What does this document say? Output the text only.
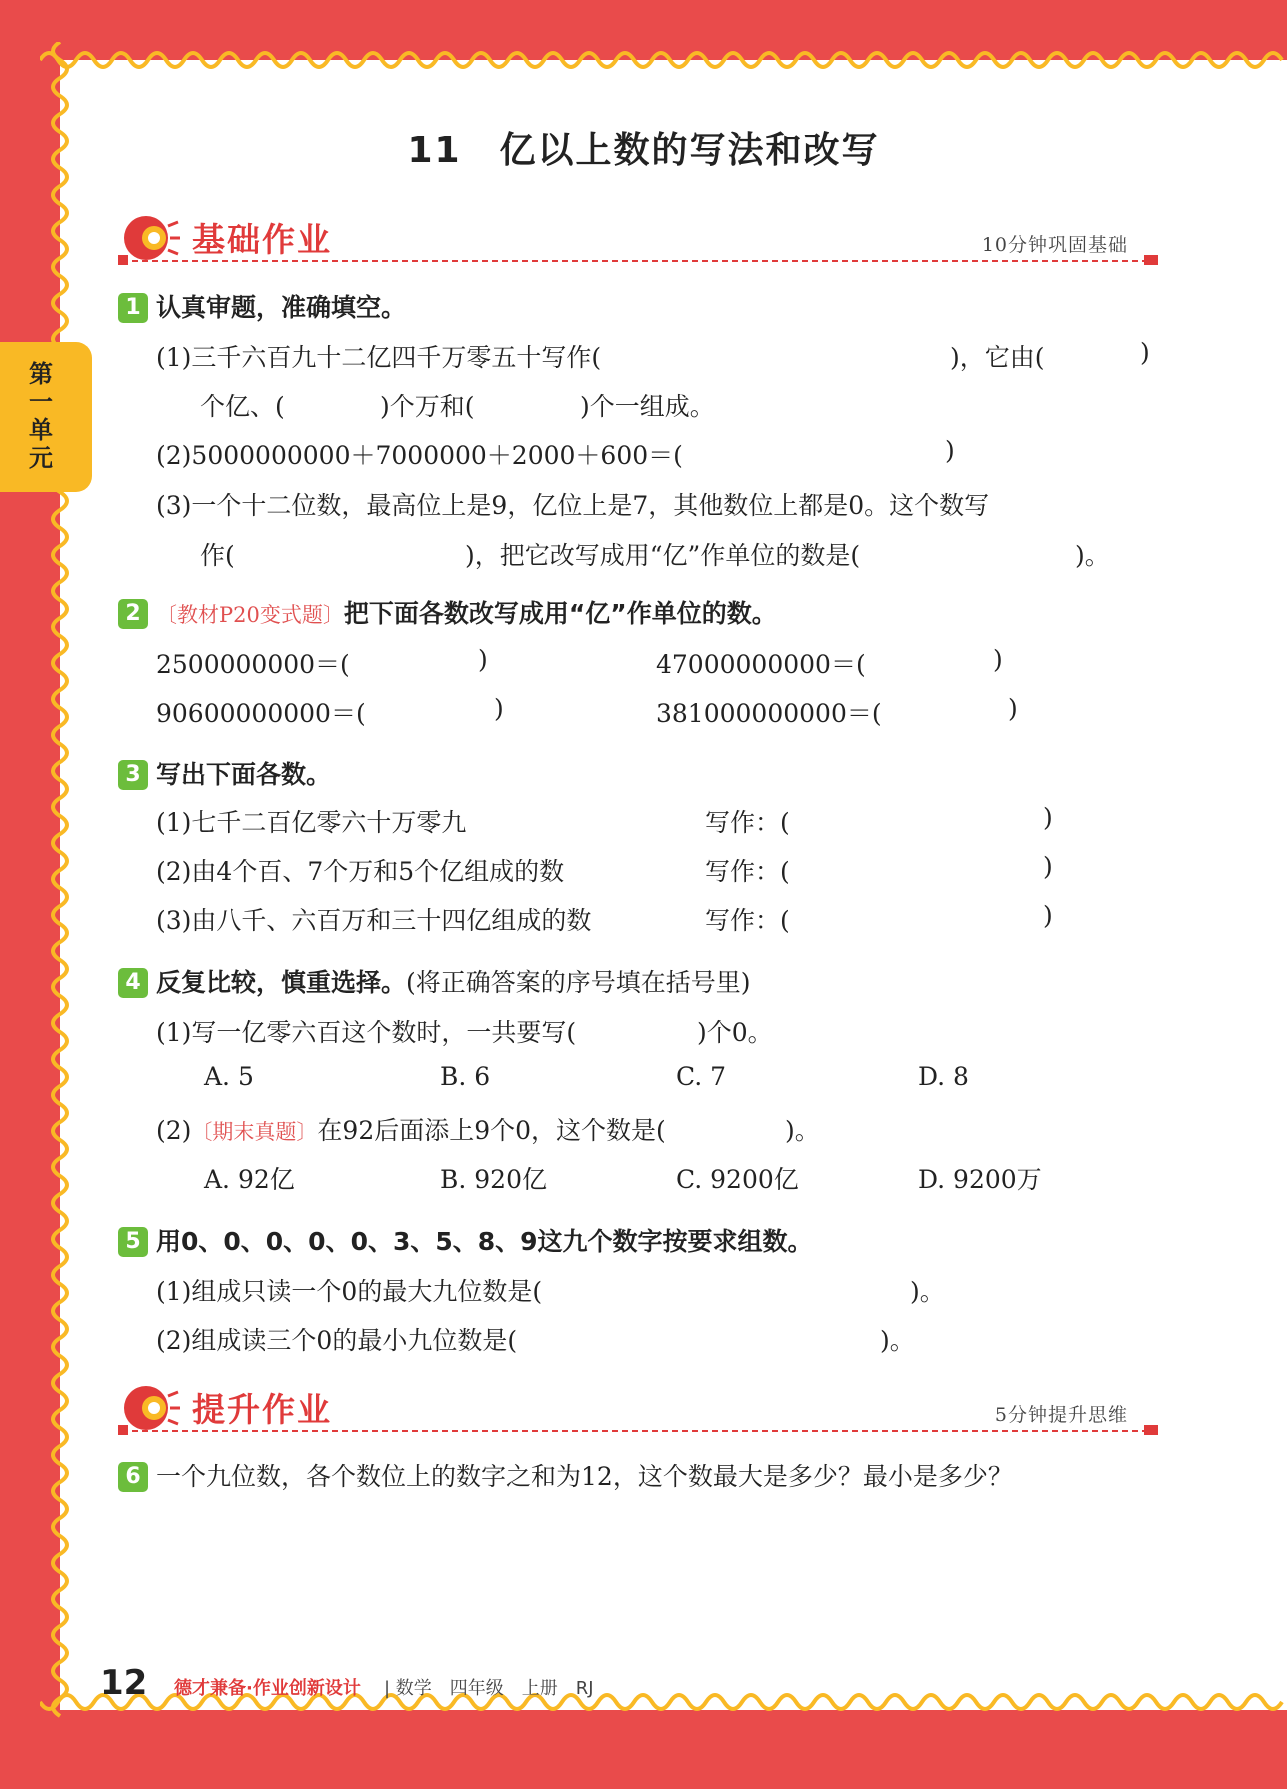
第一单元
11　亿以上数的写法和改写
基础作业	10分钟巩固基础
1 认真审题，准确填空。
(1)三千六百九十二亿四千万零五十写作(	)，它由(	)
个亿、(	)个万和(	)个一组成。
(2)5000000000＋7000000＋2000＋600＝(	)
(3)一个十二位数，最高位上是9，亿位上是7，其他数位上都是0。这个数写
作(	)，把它改写成用“亿”作单位的数是(	)。
2 〔教材P20变式题〕把下面各数改写成用“亿”作单位的数。
2500000000＝(	)	47000000000＝(	)
90600000000＝(	)	381000000000＝(	)
3 写出下面各数。
(1)七千二百亿零六十万零九	写作：(	)
(2)由4个百、7个万和5个亿组成的数	写作：(	)
(3)由八千、六百万和三十四亿组成的数	写作：(	)
4 反复比较，慎重选择。(将正确答案的序号填在括号里)
(1)写一亿零六百这个数时，一共要写(	)个0。
A. 5	B. 6	C. 7	D. 8
(2)〔期末真题〕在92后面添上9个0，这个数是(	)。
A. 92亿	B. 920亿	C. 9200亿	D. 9200万
5 用0、0、0、0、0、3、5、8、9这九个数字按要求组数。
(1)组成只读一个0的最大九位数是(	)。
(2)组成读三个0的最小九位数是(	)。
提升作业	5分钟提升思维
6 一个九位数，各个数位上的数字之和为12，这个数最大是多少？最小是多少？
12 德才兼备·作业创新设计 | 数学　四年级　上册　RJ
